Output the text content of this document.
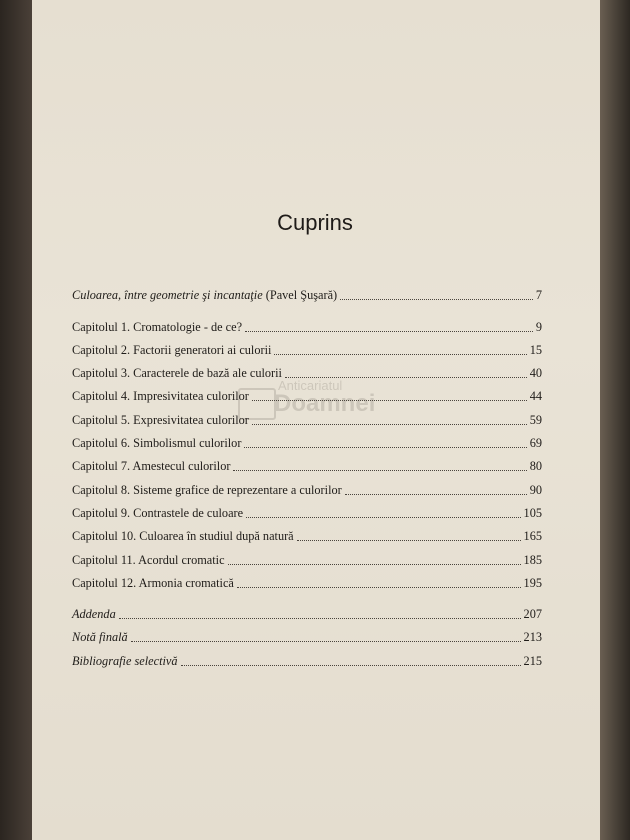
Cuprins
Anticariatul
Doamnei
Culoarea, între geometrie şi incantaţie (Pavel Şuşară)	7
Capitolul 1. Cromatologie - de ce?	9
Capitolul 2. Factorii generatori ai culorii	15
Capitolul 3. Caracterele de bază ale culorii	40
Capitolul 4. Impresivitatea culorilor	44
Capitolul 5. Expresivitatea culorilor	59
Capitolul 6. Simbolismul culorilor	69
Capitolul 7. Amestecul culorilor	80
Capitolul 8. Sisteme grafice de reprezentare a culorilor	90
Capitolul 9. Contrastele de culoare	105
Capitolul 10. Culoarea în studiul după natură	165
Capitolul 11. Acordul cromatic	185
Capitolul 12. Armonia cromatică	195
Addenda	207
Notă finală	213
Bibliografie selectivă	215
